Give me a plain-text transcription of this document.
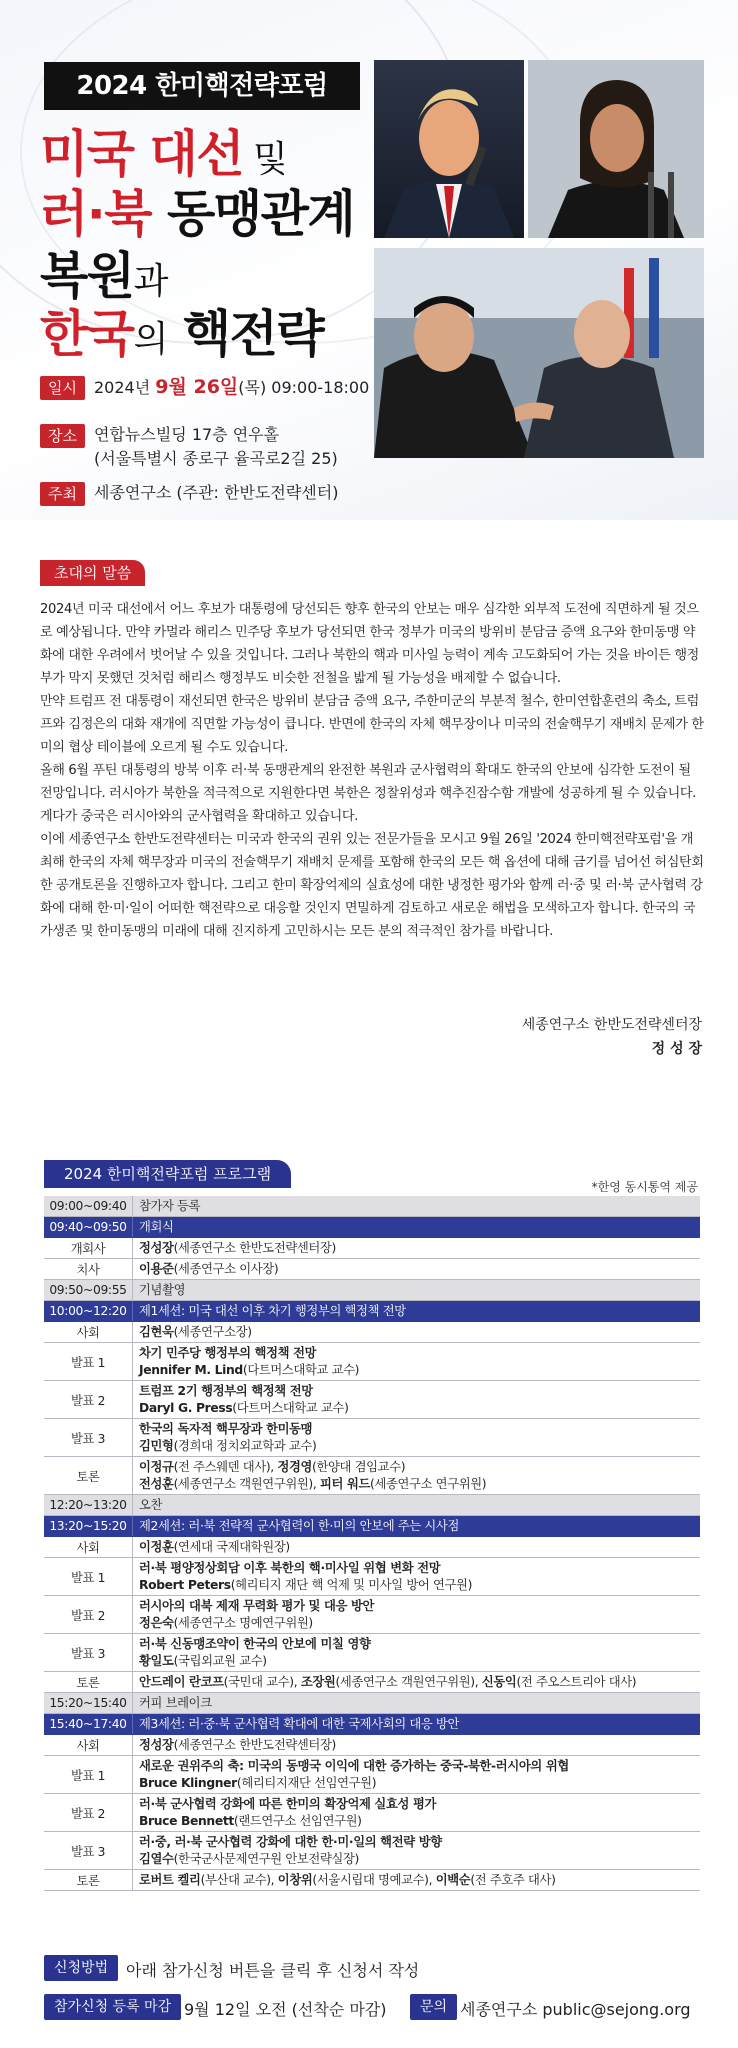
2024 한미핵전략포럼
미국 대선 및
러·북 동맹관계
복원과
한국의 핵전략
일시	2024년 9월 26일(목) 09:00-18:00
장소	연합뉴스빌딩 17층 연우홀
(서울특별시 종로구 율곡로2길 25)
주최	세종연구소 (주관: 한반도전략센터)
초대의 말씀

2024년 미국 대선에서 어느 후보가 대통령에 당선되든 향후 한국의 안보는 매우 심각한 외부적 도전에 직면하게 될 것으로 예상됩니다. 만약 카멀라 해리스 민주당 후보가 당선되면 한국 정부가 미국의 방위비 분담금 증액 요구와 한미동맹 약화에 대한 우려에서 벗어날 수 있을 것입니다. 그러나 북한의 핵과 미사일 능력이 계속 고도화되어 가는 것을 바이든 행정부가 막지 못했던 것처럼 해리스 행정부도 비슷한 전철을 밟게 될 가능성을 배제할 수 없습니다.

만약 트럼프 전 대통령이 재선되면 한국은 방위비 분담금 증액 요구, 주한미군의 부분적 철수, 한미연합훈련의 축소, 트럼프와 김정은의 대화 재개에 직면할 가능성이 큽니다. 반면에 한국의 자체 핵무장이나 미국의 전술핵무기 재배치 문제가 한미의 협상 테이블에 오르게 될 수도 있습니다.

올해 6월 푸틴 대통령의 방북 이후 러·북 동맹관계의 완전한 복원과 군사협력의 확대도 한국의 안보에 심각한 도전이 될 전망입니다. 러시아가 북한을 적극적으로 지원한다면 북한은 정찰위성과 핵추진잠수함 개발에 성공하게 될 수 있습니다. 게다가 중국은 러시아와의 군사협력을 확대하고 있습니다.

이에 세종연구소 한반도전략센터는 미국과 한국의 권위 있는 전문가들을 모시고 9월 26일 '2024 한미핵전략포럼'을 개최해 한국의 자체 핵무장과 미국의 전술핵무기 재배치 문제를 포함해 한국의 모든 핵 옵션에 대해 금기를 넘어선 허심탄회한 공개토론을 진행하고자 합니다. 그리고 한미 확장억제의 실효성에 대한 냉정한 평가와 함께 러·중 및 러·북 군사협력 강화에 대해 한·미·일이 어떠한 핵전략으로 대응할 것인지 면밀하게 검토하고 새로운 해법을 모색하고자 합니다. 한국의 국가생존 및 한미동맹의 미래에 대해 진지하게 고민하시는 모든 분의 적극적인 참가를 바랍니다.

세종연구소 한반도전략센터장
정 성 장
2024 한미핵전략포럼 프로그램
*한영 동시통역 제공
09:00~09:40	참가자 등록

09:40~09:50	개회식

개회사	정성장(세종연구소 한반도전략센터장)

치사	이용준(세종연구소 이사장)

09:50~09:55	기념촬영

10:00~12:20	제1세션: 미국 대선 이후 차기 행정부의 핵정책 전망

사회	김현욱(세종연구소장)

발표 1	차기 민주당 행정부의 핵정책 전망
Jennifer M. Lind(다트머스대학교 교수)

발표 2	트럼프 2기 행정부의 핵정책 전망
Daryl G. Press(다트머스대학교 교수)

발표 3	한국의 독자적 핵무장과 한미동맹
김민형(경희대 정치외교학과 교수)

토론	이정규(전 주스웨덴 대사), 정경영(한양대 겸임교수)
전성훈(세종연구소 객원연구위원), 피터 워드(세종연구소 연구위원)

12:20~13:20	오찬

13:20~15:20	제2세션: 러·북 전략적 군사협력이 한·미의 안보에 주는 시사점

사회	이정훈(연세대 국제대학원장)

발표 1	러·북 평양정상회담 이후 북한의 핵·미사일 위협 변화 전망
Robert Peters(헤리티지 재단 핵 억제 및 미사일 방어 연구원)

발표 2	러시아의 대북 제재 무력화 평가 및 대응 방안
정은숙(세종연구소 명예연구위원)

발표 3	러·북 신동맹조약이 한국의 안보에 미칠 영향
황일도(국립외교원 교수)

토론	안드레이 란코프(국민대 교수), 조장원(세종연구소 객원연구위원), 신동익(전 주오스트리아 대사)

15:20~15:40	커피 브레이크

15:40~17:40	제3세션: 러·중·북 군사협력 확대에 대한 국제사회의 대응 방안

사회	정성장(세종연구소 한반도전략센터장)

발표 1	새로운 권위주의 축: 미국의 동맹국 이익에 대한 증가하는 중국-북한-러시아의 위협
Bruce Klingner(헤리티지재단 선임연구원)

발표 2	러·북 군사협력 강화에 따른 한미의 확장억제 실효성 평가
Bruce Bennett(랜드연구소 선임연구원)

발표 3	러·중, 러·북 군사협력 강화에 대한 한·미·일의 핵전략 방향
김열수(한국군사문제연구원 안보전략실장)

토론	로버트 켈리(부산대 교수), 이창위(서울시립대 명예교수), 이백순(전 주호주 대사)
신청방법	아래 참가신청 버튼을 클릭 후 신청서 작성
참가신청 등록 마감 9월 12일 오전 (선착순 마감)	문의 세종연구소 public@sejong.org
